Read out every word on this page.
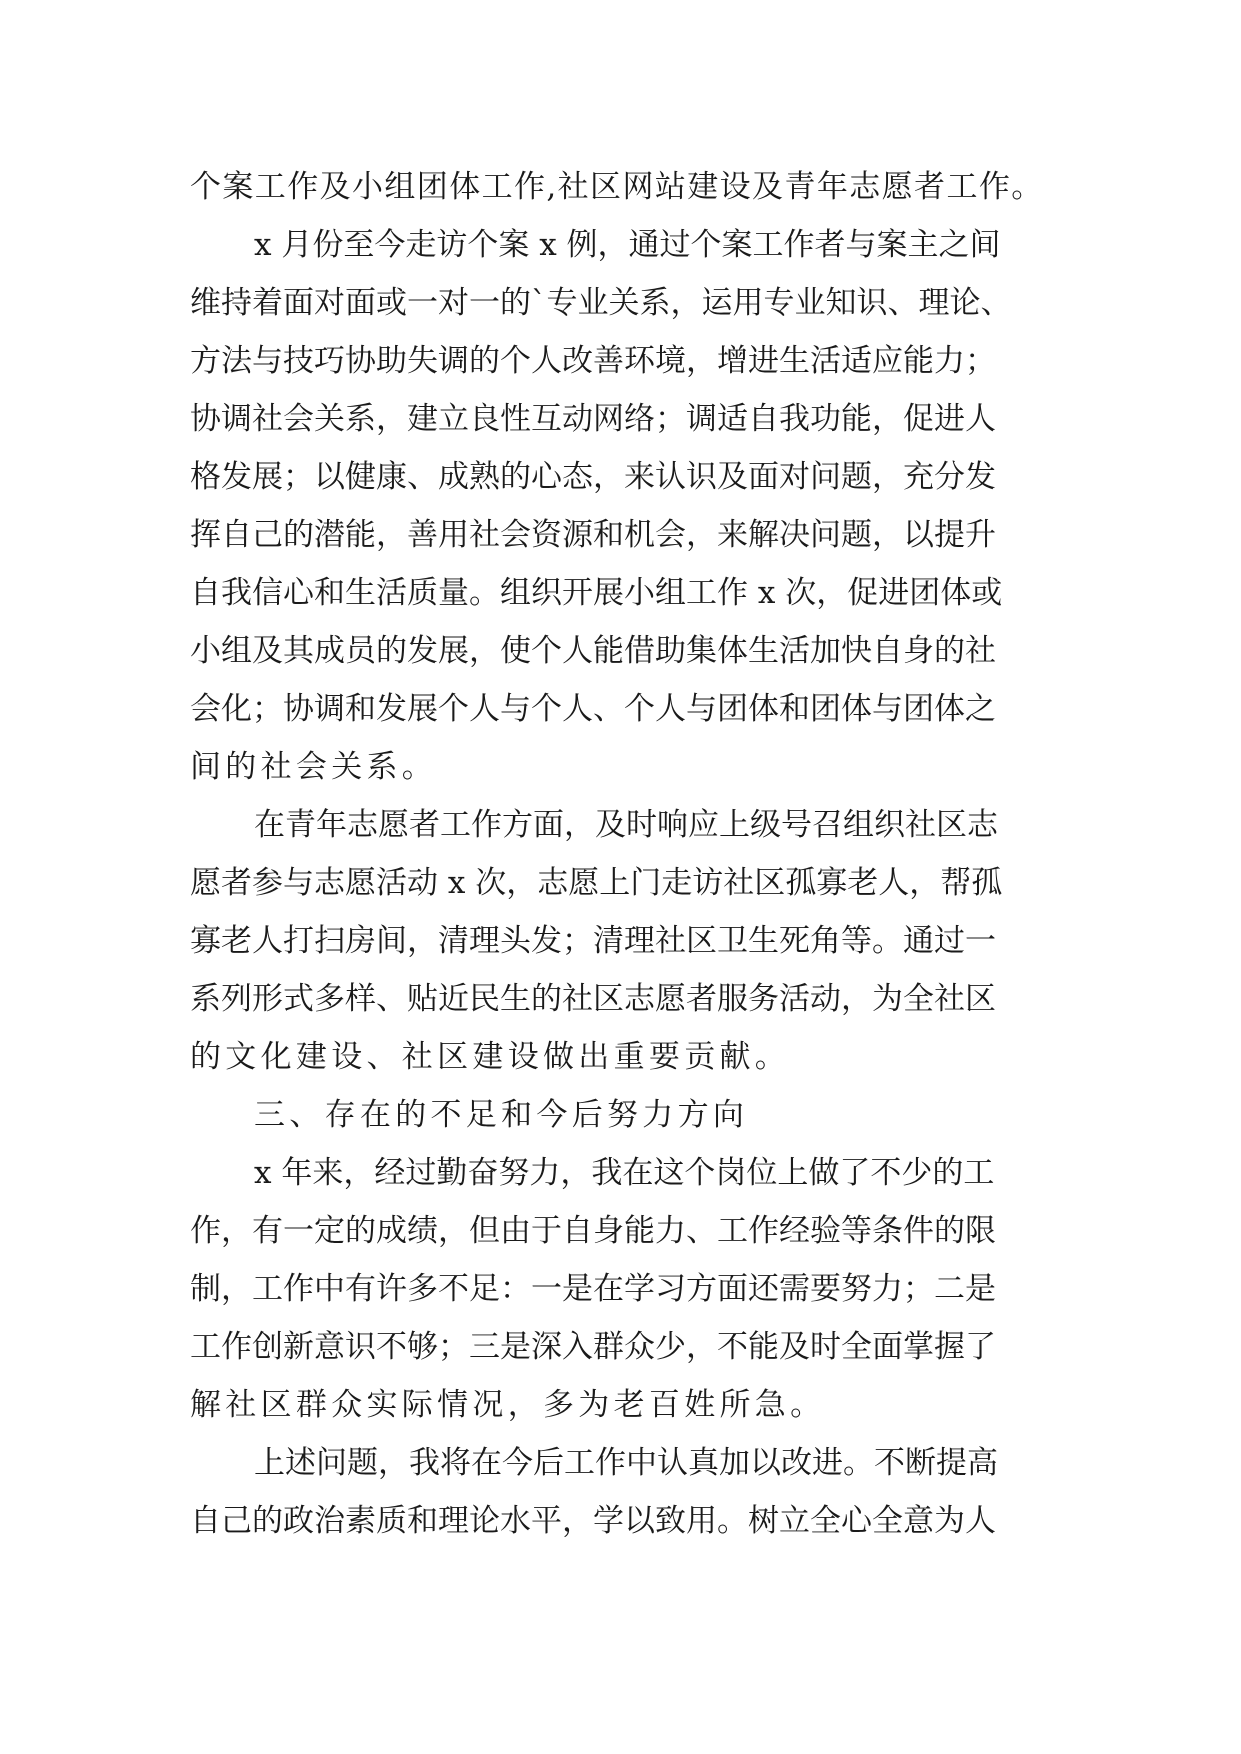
个案工作及小组团体工作,社区网站建设及青年志愿者工作。
x 月份至今走访个案 x 例，通过个案工作者与案主之间
维持着面对面或一对一的`专业关系，运用专业知识、理论、
方法与技巧协助失调的个人改善环境，增进生活适应能力；
协调社会关系，建立良性互动网络；调适自我功能，促进人
格发展；以健康、成熟的心态，来认识及面对问题，充分发
挥自己的潜能，善用社会资源和机会，来解决问题，以提升
自我信心和生活质量。组织开展小组工作 x 次，促进团体或
小组及其成员的发展，使个人能借助集体生活加快自身的社
会化；协调和发展个人与个人、个人与团体和团体与团体之
间的社会关系。
在青年志愿者工作方面，及时响应上级号召组织社区志
愿者参与志愿活动 x 次，志愿上门走访社区孤寡老人，帮孤
寡老人打扫房间，清理头发；清理社区卫生死角等。通过一
系列形式多样、贴近民生的社区志愿者服务活动，为全社区
的文化建设、社区建设做出重要贡献。
三、存在的不足和今后努力方向
x 年来，经过勤奋努力，我在这个岗位上做了不少的工
作，有一定的成绩，但由于自身能力、工作经验等条件的限
制，工作中有许多不足：一是在学习方面还需要努力；二是
工作创新意识不够；三是深入群众少，不能及时全面掌握了
解社区群众实际情况，多为老百姓所急。
上述问题，我将在今后工作中认真加以改进。不断提高
自己的政治素质和理论水平，学以致用。树立全心全意为人
